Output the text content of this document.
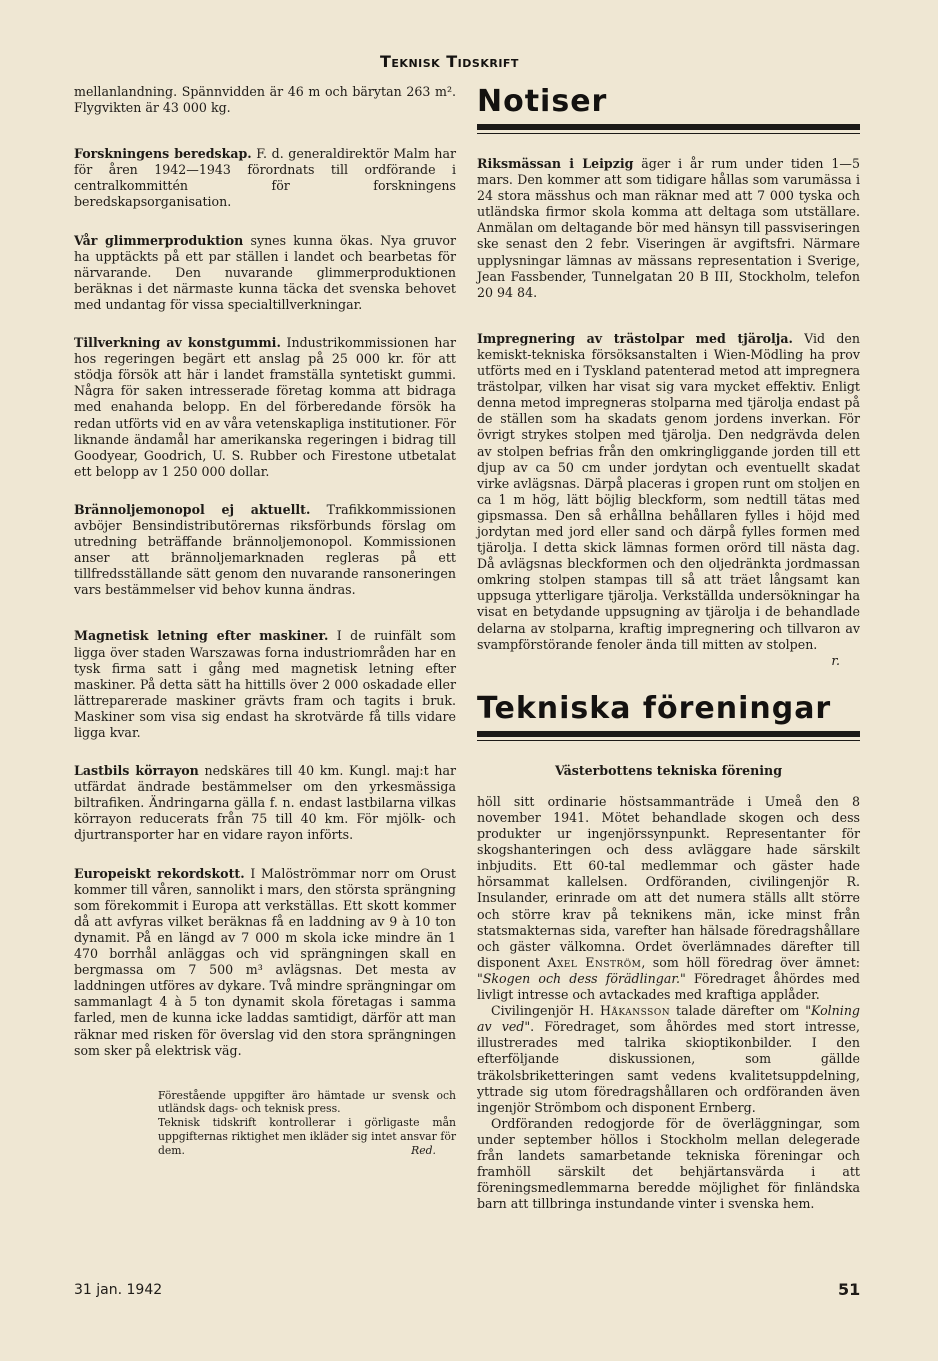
Teknisk Tidskrift

mellanlandning. Spännvidden är 46 m och bärytan 263 m². Flygvikten är 43 000 kg.

Forskningens beredskap. F. d. generaldirektör Malm har för åren 1942—1943 förordnats till ordförande i centralkommittén för forskningens beredskapsorganisation.

Vår glimmerproduktion synes kunna ökas. Nya gruvor ha upptäckts på ett par ställen i landet och bearbetas för närvarande. Den nuvarande glimmerproduktionen beräknas i det närmaste kunna täcka det svenska behovet med undantag för vissa specialtillverkningar.

Tillverkning av konstgummi. Industrikommissionen har hos regeringen begärt ett anslag på 25 000 kr. för att stödja försök att här i landet framställa syntetiskt gummi. Några för saken intresserade företag komma att bidraga med enahanda belopp. En del förberedande försök ha redan utförts vid en av våra vetenskapliga institutioner. För liknande ändamål har amerikanska regeringen i bidrag till Goodyear, Goodrich, U. S. Rubber och Firestone utbetalat ett belopp av 1 250 000 dollar.

Brännoljemonopol ej aktuellt. Trafikkommissionen avböjer Bensindistributörernas riksförbunds förslag om utredning beträffande brännoljemonopol. Kommissionen anser att brännoljemarknaden regleras på ett tillfredsställande sätt genom den nuvarande ransoneringen vars bestämmelser vid behov kunna ändras.

Magnetisk letning efter maskiner. I de ruinfält som ligga över staden Warszawas forna industriområden har en tysk firma satt i gång med magnetisk letning efter maskiner. På detta sätt ha hittills över 2 000 oskadade eller lättreparerade maskiner grävts fram och tagits i bruk. Maskiner som visa sig endast ha skrotvärde få tills vidare ligga kvar.

Lastbils körrayon nedskäres till 40 km. Kungl. maj:t har utfärdat ändrade bestämmelser om den yrkesmässiga biltrafiken. Ändringarna gälla f. n. endast lastbilarna vilkas körrayon reducerats från 75 till 40 km. För mjölk- och djurtransporter har en vidare rayon införts.

Europeiskt rekordskott. I Malöströmmar norr om Orust kommer till våren, sannolikt i mars, den största sprängning som förekommit i Europa att verkställas. Ett skott kommer då att avfyras vilket beräknas få en laddning av 9 à 10 ton dynamit. På en längd av 7 000 m skola icke mindre än 1 470 borrhål anläggas och vid sprängningen skall en bergmassa om 7 500 m³ avlägsnas. Det mesta av laddningen utföres av dykare. Två mindre sprängningar om sammanlagt 4 à 5 ton dynamit skola företagas i samma farled, men de kunna icke laddas samtidigt, därför att man räknar med risken för överslag vid den stora sprängningen som sker på elektrisk väg.

Förestående uppgifter äro hämtade ur svensk och utländsk dags- och teknisk press.

Teknisk tidskrift kontrollerar i görligaste mån uppgifternas riktighet men ikläder sig intet ansvar för dem.	Red.

Notiser

Riksmässan i Leipzig äger i år rum under tiden 1—5 mars. Den kommer att som tidigare hållas som varumässa i 24 stora mässhus och man räknar med att 7 000 tyska och utländska firmor skola komma att deltaga som utställare. Anmälan om deltagande bör med hänsyn till passviseringen ske senast den 2 febr. Viseringen är avgiftsfri. Närmare upplysningar lämnas av mässans representation i Sverige, Jean Fassbender, Tunnelgatan 20 B III, Stockholm, telefon 20 94 84.

Impregnering av trästolpar med tjärolja. Vid den kemiskt-tekniska försöksanstalten i Wien-Mödling ha prov utförts med en i Tyskland patenterad metod att impregnera trästolpar, vilken har visat sig vara mycket effektiv. Enligt denna metod impregneras stolparna med tjärolja endast på de ställen som ha skadats genom jordens inverkan. För övrigt strykes stolpen med tjärolja. Den nedgrävda delen av stolpen befrias från den omkringliggande jorden till ett djup av ca 50 cm under jordytan och eventuellt skadat virke avlägsnas. Därpå placeras i gropen runt om stoljen en ca 1 m hög, lätt böjlig bleckform, som nedtill tätas med gipsmassa. Den så erhållna behållaren fylles i höjd med jordytan med jord eller sand och därpå fylles formen med tjärolja. I detta skick lämnas formen orörd till nästa dag. Då avlägsnas bleckformen och den oljedränkta jordmassan omkring stolpen stampas till så att träet långsamt kan uppsuga ytterligare tjärolja. Verkställda undersökningar ha visat en betydande uppsugning av tjärolja i de behandlade delarna av stolparna, kraftig impregnering och tillvaron av svampförstörande fenoler ända till mitten av stolpen.

r.

Tekniska föreningar

Västerbottens tekniska förening

höll sitt ordinarie höstsammanträde i Umeå den 8 november 1941. Mötet behandlade skogen och dess produkter ur ingenjörssynpunkt. Representanter för skogshanteringen och dess avläggare hade särskilt inbjudits. Ett 60-tal medlemmar och gäster hade hörsammat kallelsen. Ordföranden, civilingenjör R. Insulander, erinrade om att det numera ställs allt större och större krav på teknikens män, icke minst från statsmakternas sida, varefter han hälsade föredragshållare och gäster välkomna. Ordet överlämnades därefter till disponent Axel Enström, som höll föredrag över ämnet: "Skogen och dess förädlingar." Föredraget åhördes med livligt intresse och avtackades med kraftiga applåder.

Civilingenjör H. Håkansson talade därefter om "Kolning av ved". Föredraget, som åhördes med stort intresse, illustrerades med talrika skioptikonbilder. I den efterföljande diskussionen, som gällde träkolsbriketteringen samt vedens kvalitetsuppdelning, yttrade sig utom föredragshållaren och ordföranden även ingenjör Strömbom och disponent Ernberg.

Ordföranden redogjorde för de överläggningar, som under september höllos i Stockholm mellan delegerade från landets samarbetande tekniska föreningar och framhöll särskilt det behjärtansvärda i att föreningsmedlemmarna beredde möjlighet för finländska barn att tillbringa instundande vinter i svenska hem.

31 jan. 1942	51
